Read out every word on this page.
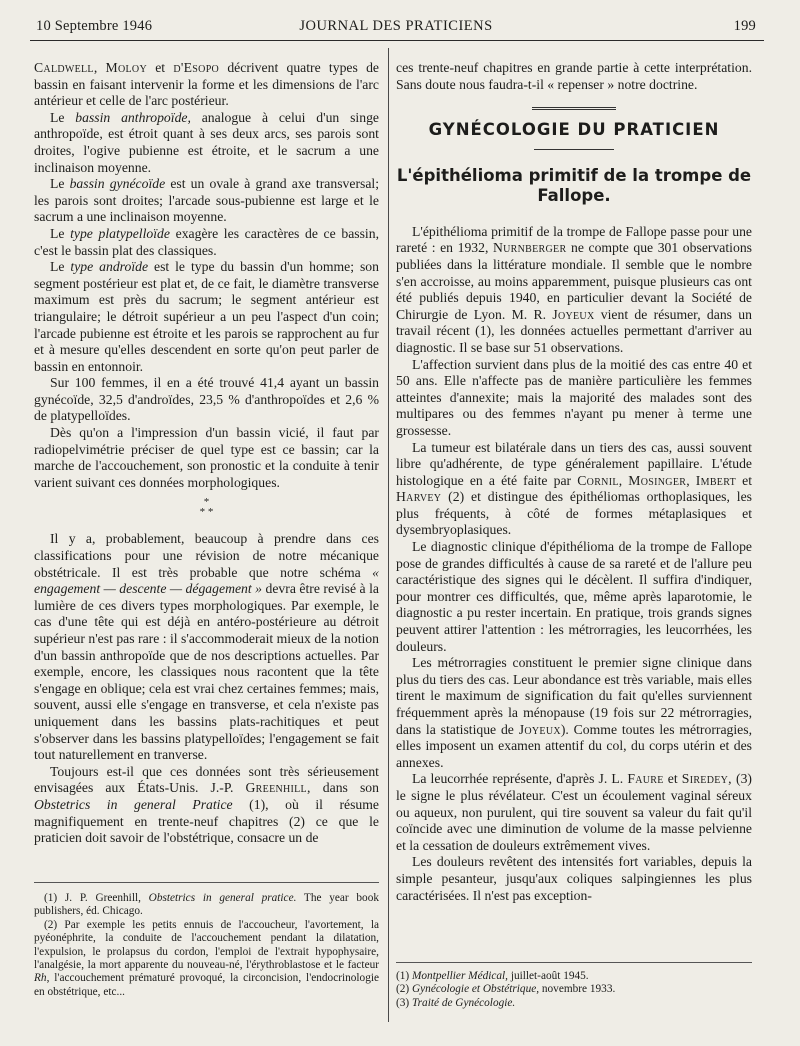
10 Septembre 1946	JOURNAL DES PRATICIENS	199

Caldwell, Moloy et d'Esopo décrivent quatre types de bassin en faisant intervenir la forme et les dimensions de l'arc antérieur et celle de l'arc postérieur.

Le bassin anthropoïde, analogue à celui d'un singe anthropoïde, est étroit quant à ses deux arcs, ses parois sont droites, l'ogive pubienne est étroite, et le sacrum a une inclinaison moyenne.

Le bassin gynécoïde est un ovale à grand axe transversal; les parois sont droites; l'arcade sous-pubienne est large et le sacrum a une inclinaison moyenne.

Le type platypelloïde exagère les caractères de ce bassin, c'est le bassin plat des classiques.

Le type androïde est le type du bassin d'un homme; son segment postérieur est plat et, de ce fait, le diamètre transverse maximum est près du sacrum; le segment antérieur est triangulaire; le détroit supérieur a un peu l'aspect d'un coin; l'arcade pubienne est étroite et les parois se rapprochent au fur et à mesure qu'elles descendent en sorte qu'on peut parler de bassin en entonnoir.

Sur 100 femmes, il en a été trouvé 41,4 ayant un bassin gynécoïde, 32,5 d'androïdes, 23,5 % d'anthropoïdes et 2,6 % de platypelloïdes.

Dès qu'on a l'impression d'un bassin vicié, il faut par radiopelvimétrie préciser de quel type est ce bassin; car la marche de l'accouchement, son pronostic et la conduite à tenir varient suivant ces données morphologiques.

*
* *

Il y a, probablement, beaucoup à prendre dans ces classifications pour une révision de notre mécanique obstétricale. Il est très probable que notre schéma « engagement — descente — dégagement » devra être revisé à la lumière de ces divers types morphologiques. Par exemple, le cas d'une tête qui est déjà en antéro-postérieure au détroit supérieur n'est pas rare : il s'accommoderait mieux de la notion d'un bassin anthropoïde que de nos descriptions actuelles. Par exemple, encore, les classiques nous racontent que la tête s'engage en oblique; cela est vrai chez certaines femmes; mais, souvent, aussi elle s'engage en transverse, et cela n'existe pas uniquement dans les bassins plats-rachitiques et peut s'observer dans les bassins platypelloïdes; l'engagement se fait tout naturellement en tranverse.

Toujours est-il que ces données sont très sérieusement envisagées aux États-Unis. J.-P. Greenhill, dans son Obstetrics in general Pratice (1), où il résume magnifiquement en trente-neuf chapitres (2) ce que le praticien doit savoir de l'obstétrique, consacre un de

(1) J. P. Greenhill, Obstetrics in general pratice. The year book publishers, éd. Chicago.

(2) Par exemple les petits ennuis de l'accoucheur, l'avortement, la pyéonéphrite, la conduite de l'accouchement pendant la dilatation, l'expulsion, le prolapsus du cordon, l'emploi de l'extrait hypophysaire, l'analgésie, la mort apparente du nouveau-né, l'érythroblastose et le facteur Rh, l'accouchement prématuré provoqué, la circoncision, l'endocrinologie en obstétrique, etc...

ces trente-neuf chapitres en grande partie à cette interprétation. Sans doute nous faudra-t-il « repenser » notre doctrine.

GYNÉCOLOGIE DU PRATICIEN
L'épithélioma primitif de la trompe de Fallope.

L'épithélioma primitif de la trompe de Fallope passe pour une rareté : en 1932, Nurnberger ne compte que 301 observations publiées dans la littérature mondiale. Il semble que le nombre s'en accroisse, au moins apparemment, puisque plusieurs cas ont été publiés depuis 1940, en particulier devant la Société de Chirurgie de Lyon. M. R. Joyeux vient de résumer, dans un travail récent (1), les données actuelles permettant d'arriver au diagnostic. Il se base sur 51 observations.

L'affection survient dans plus de la moitié des cas entre 40 et 50 ans. Elle n'affecte pas de manière particulière les femmes atteintes d'annexite; mais la majorité des malades sont des multipares ou des femmes n'ayant pu mener à terme une grossesse.

La tumeur est bilatérale dans un tiers des cas, aussi souvent libre qu'adhérente, de type généralement papillaire. L'étude histologique en a été faite par Cornil, Mosinger, Imbert et Harvey (2) et distingue des épithéliomas orthoplasiques, les plus fréquents, à côté de formes métaplasiques et dysembryoplasiques.

Le diagnostic clinique d'épithélioma de la trompe de Fallope pose de grandes difficultés à cause de sa rareté et de l'allure peu caractéristique des signes qui le décèlent. Il suffira d'indiquer, pour montrer ces difficultés, que, même après laparotomie, le diagnostic a pu rester incertain. En pratique, trois grands signes peuvent attirer l'attention : les métrorragies, les leucorrhées, les douleurs.

Les métrorragies constituent le premier signe clinique dans plus du tiers des cas. Leur abondance est très variable, mais elles tirent le maximum de signification du fait qu'elles surviennent fréquemment après la ménopause (19 fois sur 22 métrorragies, dans la statistique de Joyeux). Comme toutes les métrorragies, elles imposent un examen attentif du col, du corps utérin et des annexes.

La leucorrhée représente, d'après J. L. Faure et Siredey, (3) le signe le plus révélateur. C'est un écoulement vaginal séreux ou aqueux, non purulent, qui tire souvent sa valeur du fait qu'il coïncide avec une diminution de volume de la masse pelvienne et la cessation de douleurs extrêmement vives.

Les douleurs revêtent des intensités fort variables, depuis la simple pesanteur, jusqu'aux coliques salpingiennes les plus caractérisées. Il n'est pas exception-

(1) Montpellier Médical, juillet-août 1945.

(2) Gynécologie et Obstétrique, novembre 1933.

(3) Traité de Gynécologie.
